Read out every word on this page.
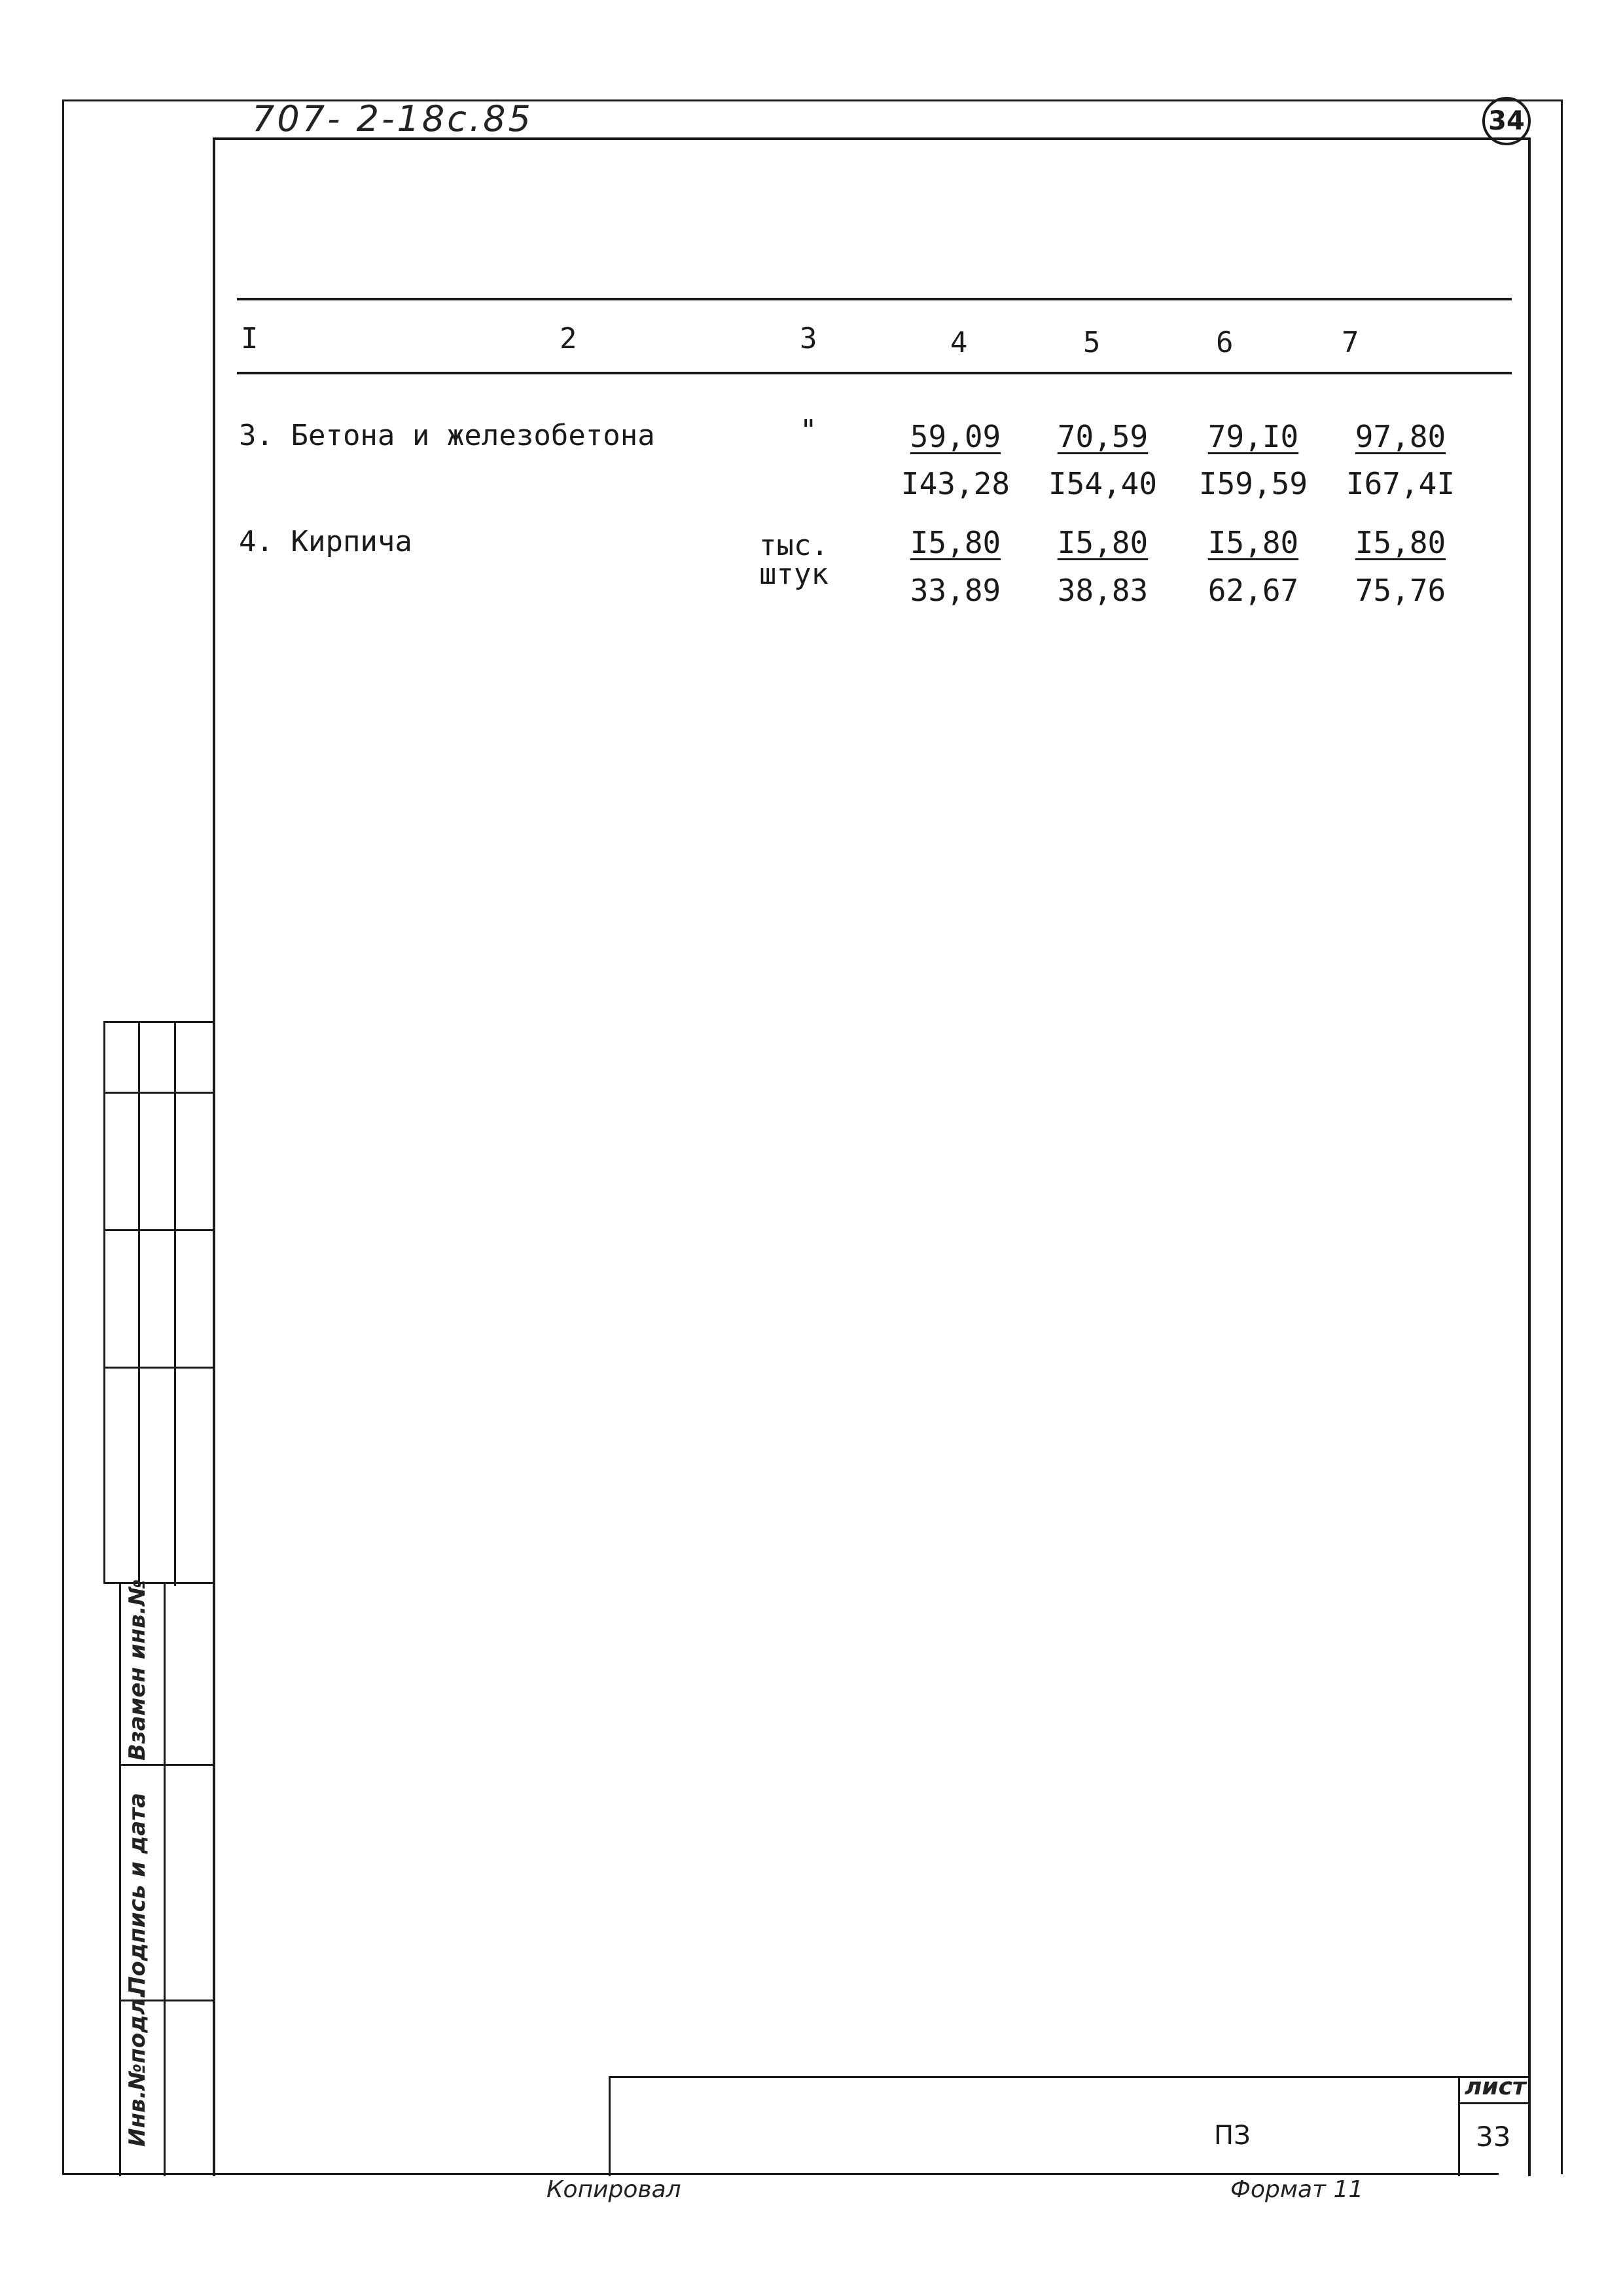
707- 2-18с.85	34
I	2	3	4	5	6	7
3. Бетона и железобетона	"	59,09	70,59	79,I0	97,80
I43,28	I54,40	I59,59	I67,4I
4. Кирпича	тыс.
штук
I5,80	I5,80	I5,80	I5,80
33,89	38,83	62,67	75,76
Взамен инв.№
Подпись и дата
Инв.№подл.	лист
33
ПЗ
Копировал	Формат 11
